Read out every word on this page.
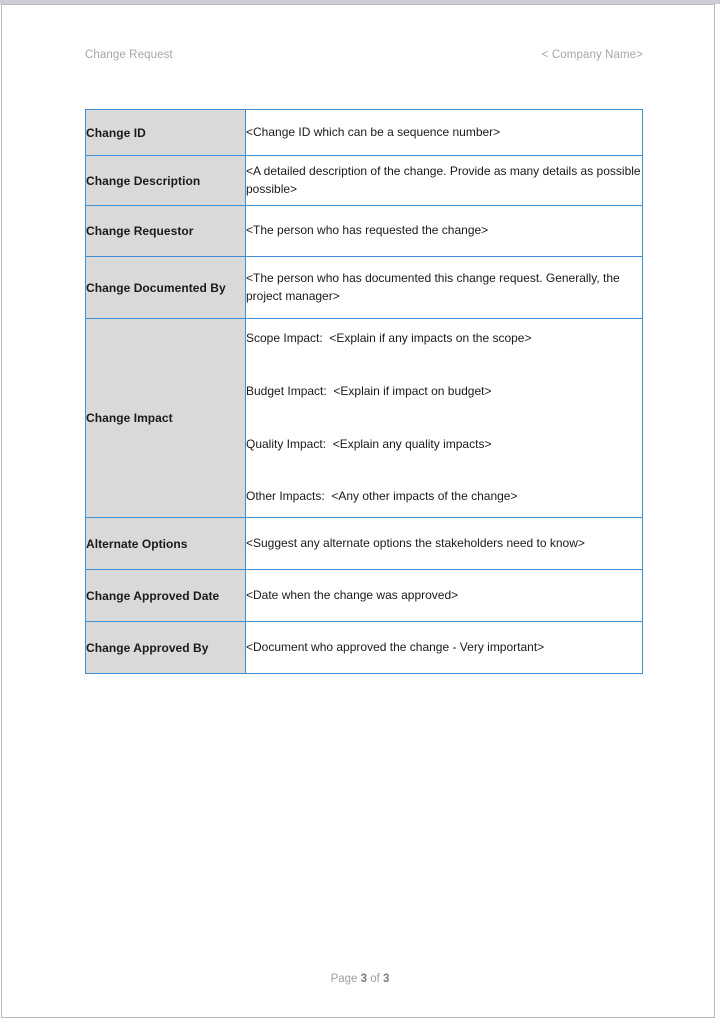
Change Request	< Company Name>
Change ID	<Change ID which can be a sequence number>
Change Description	<A detailed description of the change. Provide as many details as possible possible>
Change Requestor	<The person who has requested the change>
Change Documented By	<The person who has documented this change request. Generally, the project manager>
Change Impact	Scope Impact:  <Explain if any impacts on the scope>

Budget Impact:  <Explain if impact on budget>

Quality Impact:  <Explain any quality impacts>

Other Impacts:  <Any other impacts of the change>

Alternate Options	<Suggest any alternate options the stakeholders need to know>
Change Approved Date	<Date when the change was approved>
Change Approved By	<Document who approved the change - Very important>
Page 3 of 3
